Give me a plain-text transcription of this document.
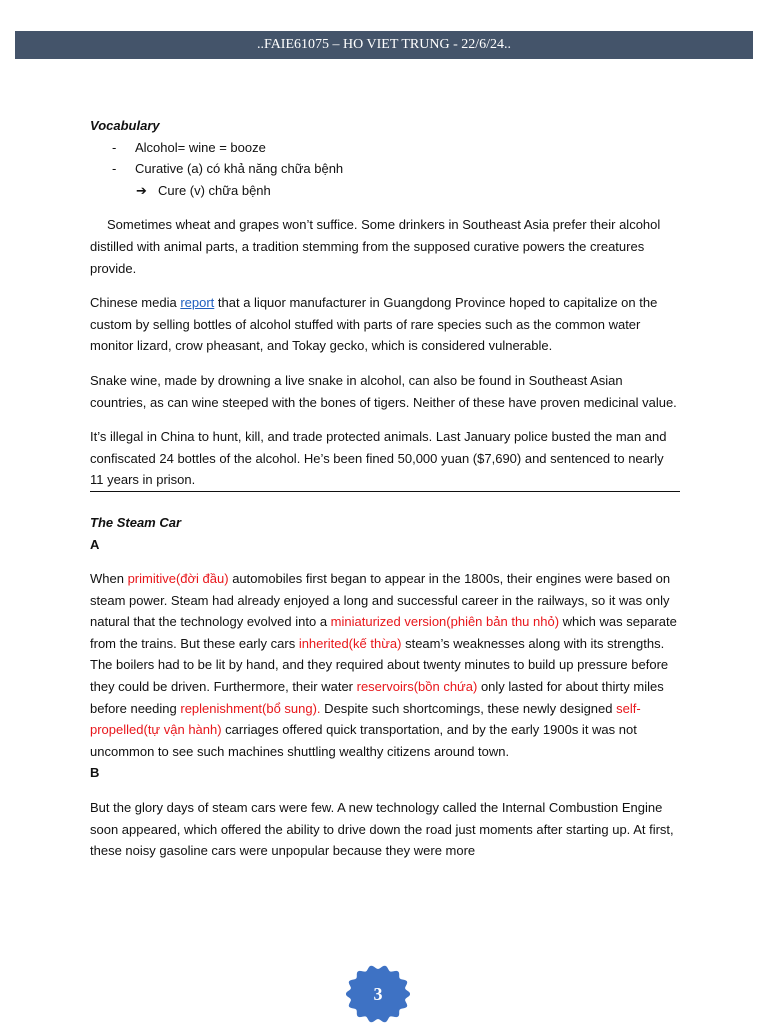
..FAIE61075 – HO VIET TRUNG - 22/6/24..

Vocabulary

- Alcohol= wine = booze
- Curative (a) có khả năng chữa bệnh
➔ Cure (v) chữa bệnh

Sometimes wheat and grapes won’t suffice. Some drinkers in Southeast Asia prefer their alcohol distilled with animal parts, a tradition stemming from the supposed curative powers the creatures provide.

Chinese media report that a liquor manufacturer in Guangdong Province hoped to capitalize on the custom by selling bottles of alcohol stuffed with parts of rare species such as the common water monitor lizard, crow pheasant, and Tokay gecko, which is considered vulnerable.

Snake wine, made by drowning a live snake in alcohol, can also be found in Southeast Asian countries, as can wine steeped with the bones of tigers. Neither of these have proven medicinal value.

It’s illegal in China to hunt, kill, and trade protected animals. Last January police busted the man and confiscated 24 bottles of the alcohol. He’s been fined 50,000 yuan ($7,690) and sentenced to nearly 11 years in prison.

The Steam Car

A

When primitive(đời đầu) automobiles first began to appear in the 1800s, their engines were based on steam power. Steam had already enjoyed a long and successful career in the railways, so it was only natural that the technology evolved into a miniaturized version(phiên bản thu nhỏ) which was separate from the trains. But these early cars inherited(kế thừa) steam’s weaknesses along with its strengths. The boilers had to be lit by hand, and they required about twenty minutes to build up pressure before they could be driven. Furthermore, their water reservoirs(bồn chứa) only lasted for about thirty miles before needing replenishment(bổ sung). Despite such shortcomings, these newly designed self-propelled(tự vận hành) carriages offered quick transportation, and by the early 1900s it was not uncommon to see such machines shuttling wealthy citizens around town.

B

But the glory days of steam cars were few. A new technology called the Internal Combustion Engine soon appeared, which offered the ability to drive down the road just moments after starting up. At first, these noisy gasoline cars were unpopular because they were more

3
